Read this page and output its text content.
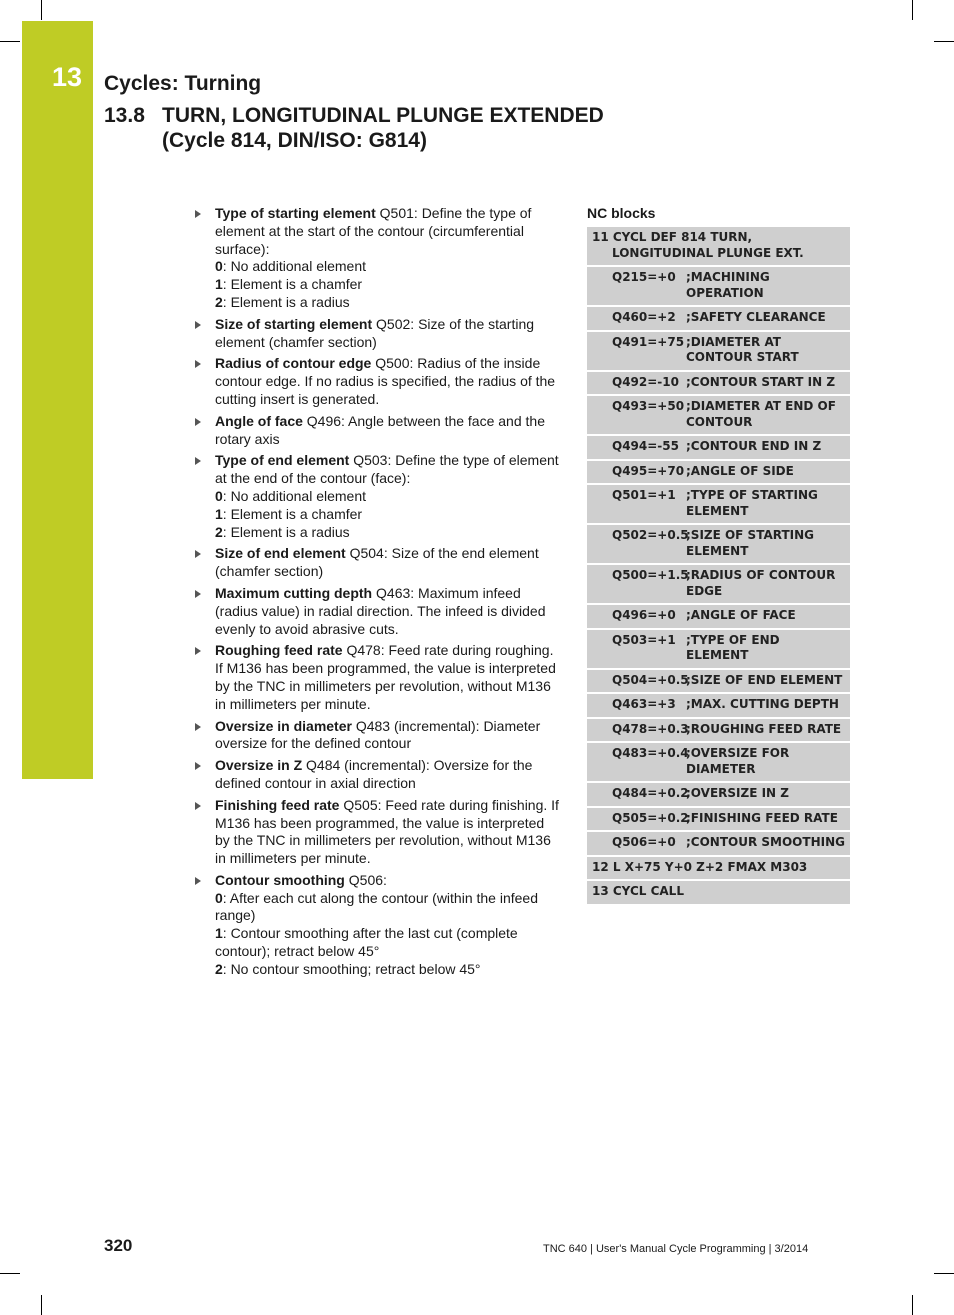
13 Cycles: Turning
13.8 TURN, LONGITUDINAL PLUNGE EXTENDED
(Cycle 814, DIN/ISO: G814)
Type of starting element Q501: Define the type of element at the start of the contour (circumferential surface):
0: No additional element
1: Element is a chamfer
2: Element is a radius
Size of starting element Q502: Size of the starting element (chamfer section)
Radius of contour edge Q500: Radius of the inside contour edge. If no radius is specified, the radius of the cutting insert is generated.
Angle of face Q496: Angle between the face and the rotary axis
Type of end element Q503: Define the type of element at the end of the contour (face):
0: No additional element
1: Element is a chamfer
2: Element is a radius
Size of end element Q504: Size of the end element (chamfer section)
Maximum cutting depth Q463: Maximum infeed (radius value) in radial direction. The infeed is divided evenly to avoid abrasive cuts.
Roughing feed rate Q478: Feed rate during roughing. If M136 has been programmed, the value is interpreted by the TNC in millimeters per revolution, without M136 in millimeters per minute.
Oversize in diameter Q483 (incremental): Diameter oversize for the defined contour
Oversize in Z Q484 (incremental): Oversize for the defined contour in axial direction
Finishing feed rate Q505: Feed rate during finishing. If M136 has been programmed, the value is interpreted by the TNC in millimeters per revolution, without M136 in millimeters per minute.
Contour smoothing Q506:
0: After each cut along the contour (within the infeed range)
1: Contour smoothing after the last cut (complete contour); retract below 45°
2: No contour smoothing; retract below 45°
NC blocks
11 CYCL DEF 814 TURN,
LONGITUDINAL PLUNGE EXT.
Q215=+0 ;MACHINING OPERATION
Q460=+2 ;SAFETY CLEARANCE
Q491=+75 ;DIAMETER AT CONTOUR START
Q492=-10 ;CONTOUR START IN Z
Q493=+50 ;DIAMETER AT END OF CONTOUR
Q494=-55 ;CONTOUR END IN Z
Q495=+70 ;ANGLE OF SIDE
Q501=+1 ;TYPE OF STARTING ELEMENT
Q502=+0.5
;SIZE OF STARTING ELEMENT
Q500=+1.5
;RADIUS OF CONTOUR EDGE
Q496=+0 ;ANGLE OF FACE
Q503=+1 ;TYPE OF END ELEMENT
Q504=+0.5
;SIZE OF END ELEMENT
Q463=+3 ;MAX. CUTTING DEPTH
Q478=+0.3
;ROUGHING FEED RATE
Q483=+0.4
;OVERSIZE FOR DIAMETER
Q484=+0.2
;OVERSIZE IN Z
Q505=+0.2
;FINISHING FEED RATE
Q506=+0 ;CONTOUR SMOOTHING
12 L X+75 Y+0 Z+2 FMAX M303
13 CYCL CALL
320	TNC 640 | User's Manual Cycle Programming | 3/2014
